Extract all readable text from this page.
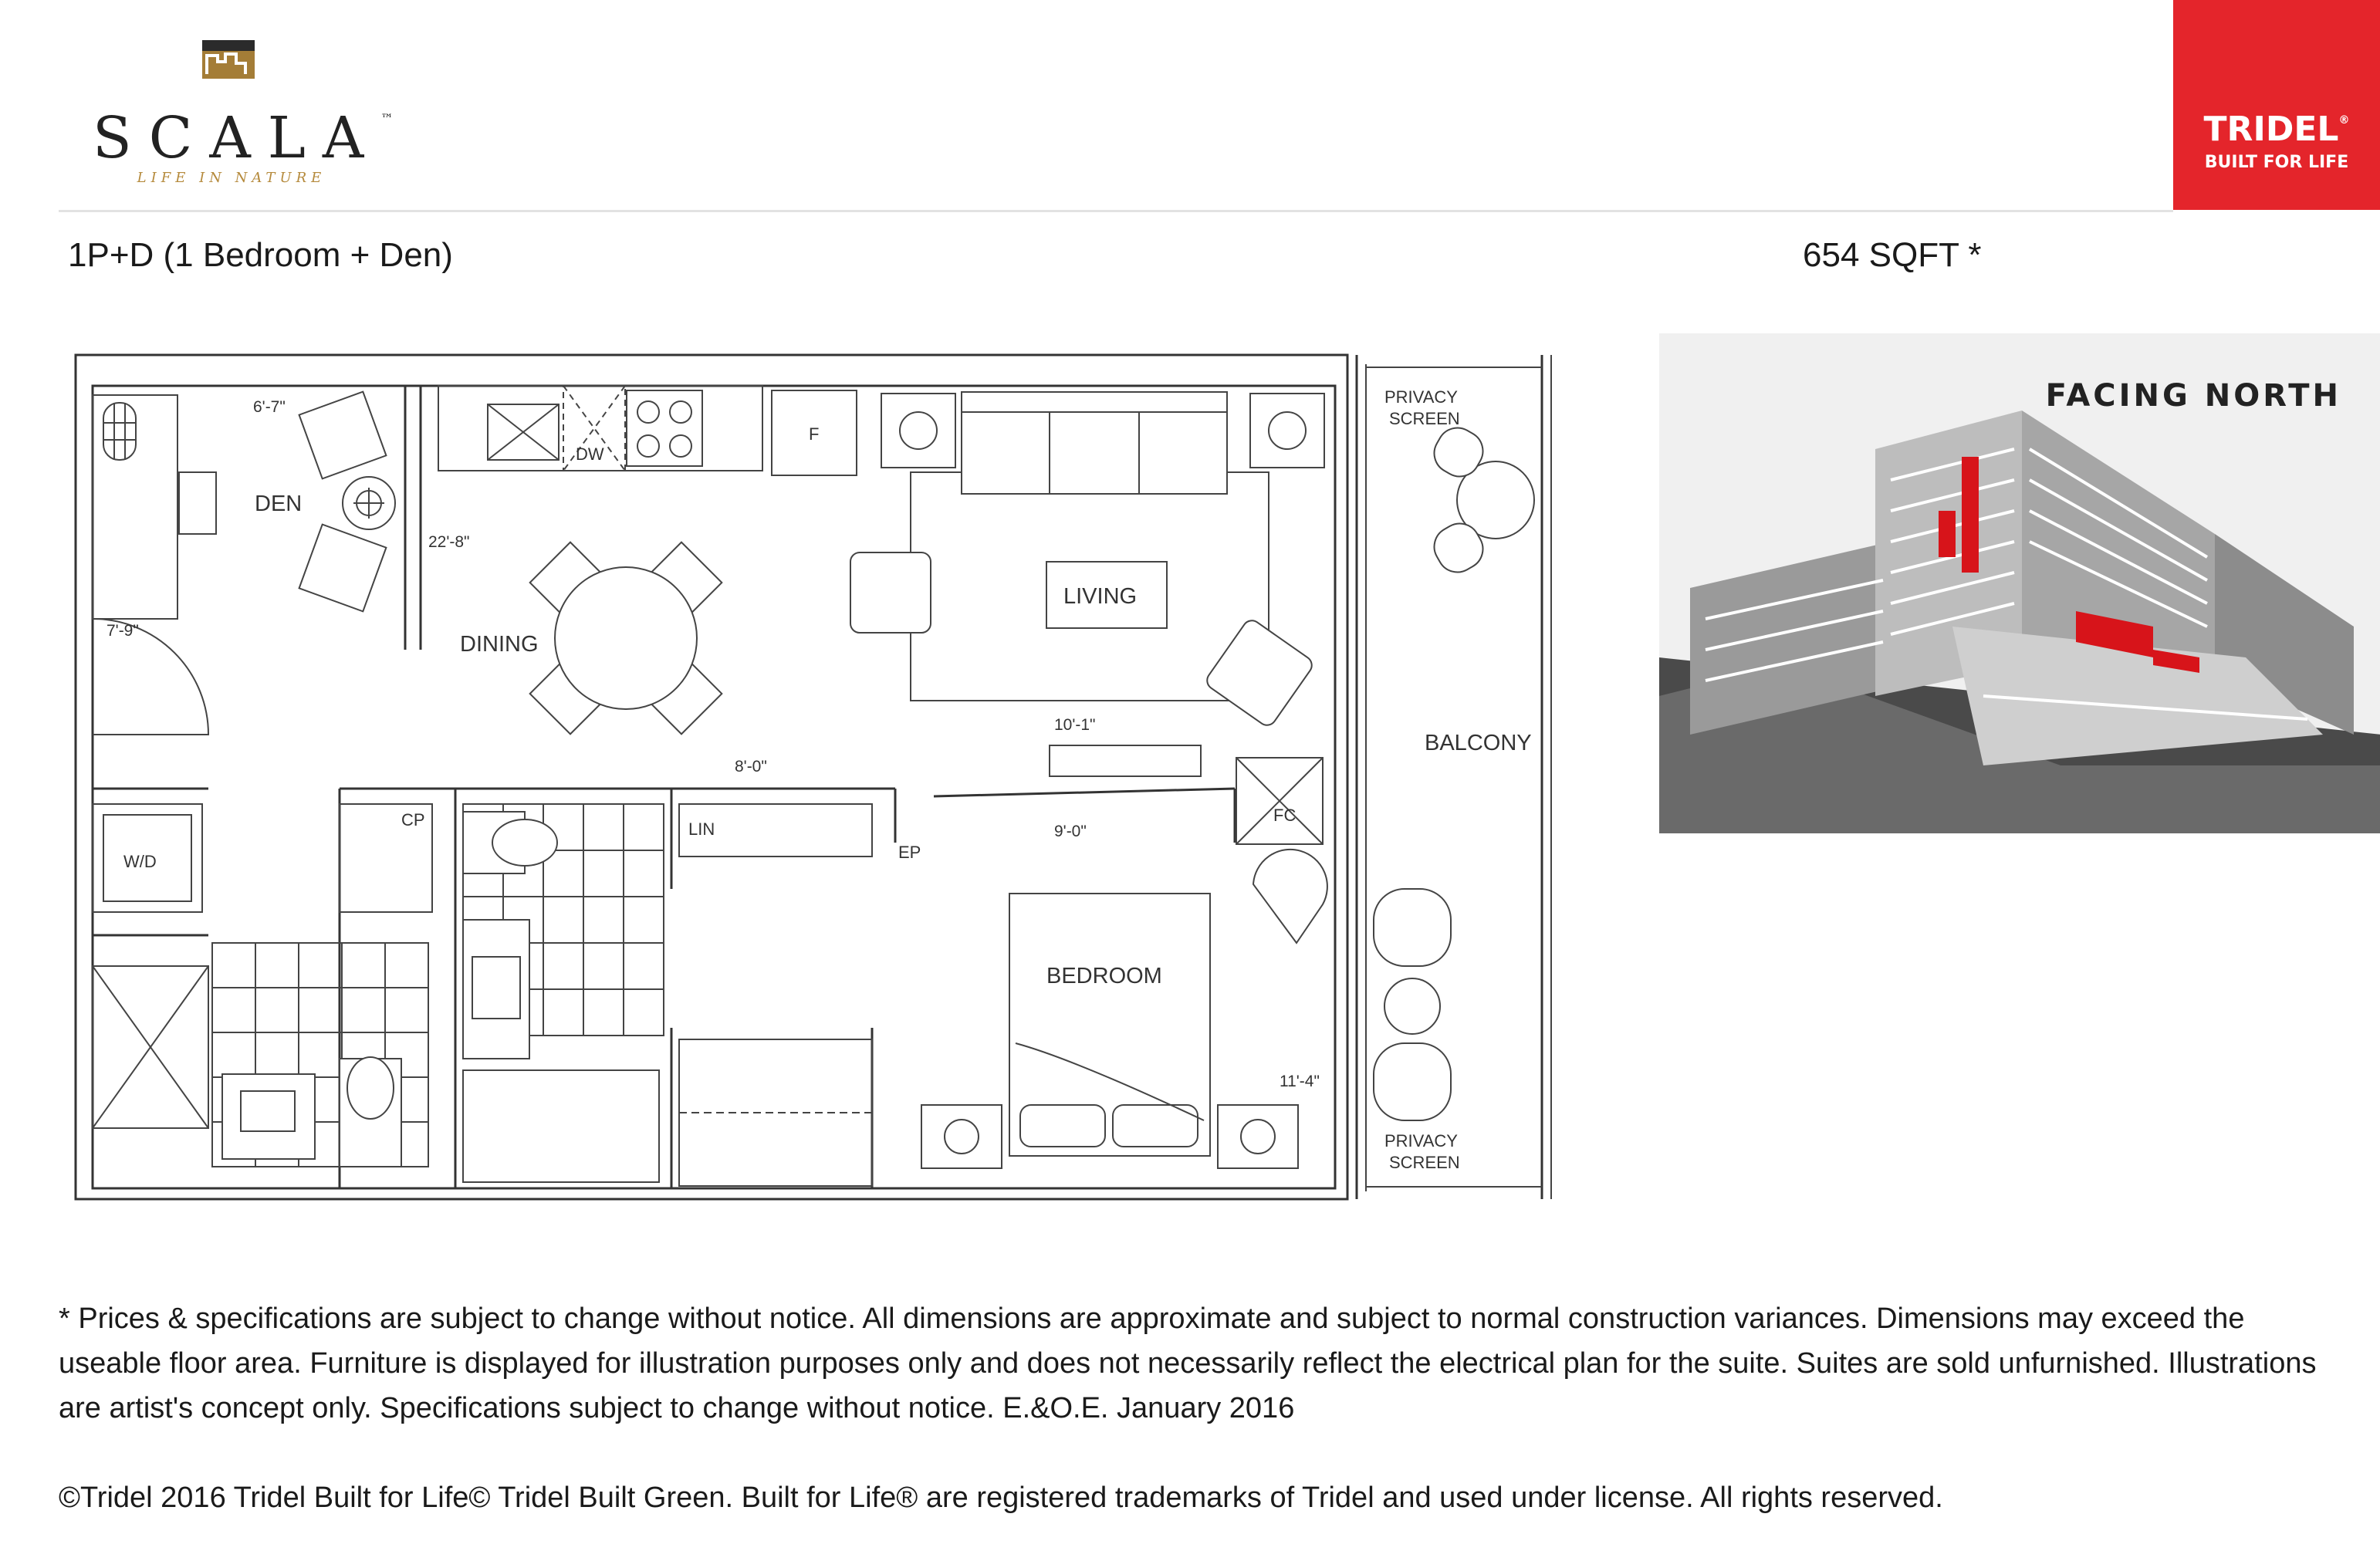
SCALA™
LIFE IN NATURE
TRIDEL®
BUILT FOR LIFE
1P+D (1 Bedroom + Den)	654 SQFT *
DEN
6'-7"
7'-9"
22'-8"
DW
F
DINING
8'-0"
LIVING
10'-1"
FC
W/D
CP	LIN
EP
BEDROOM
9'-0"
11'-4"
PRIVACY
SCREEN
BALCONY
PRIVACY
SCREEN
FACING NORTH

* Prices & specifications are subject to change without notice. All dimensions are approximate and subject to normal construction variances. Dimensions may exceed the useable floor area. Furniture is displayed for illustration purposes only and does not necessarily reflect the electrical plan for the suite. Suites are sold unfurnished. Illustrations are artist's concept only. Specifications subject to change without notice. E.&O.E. January 2016

©Tridel 2016 Tridel Built for Life© Tridel Built Green. Built for Life® are registered trademarks of Tridel and used under license. All rights reserved.
